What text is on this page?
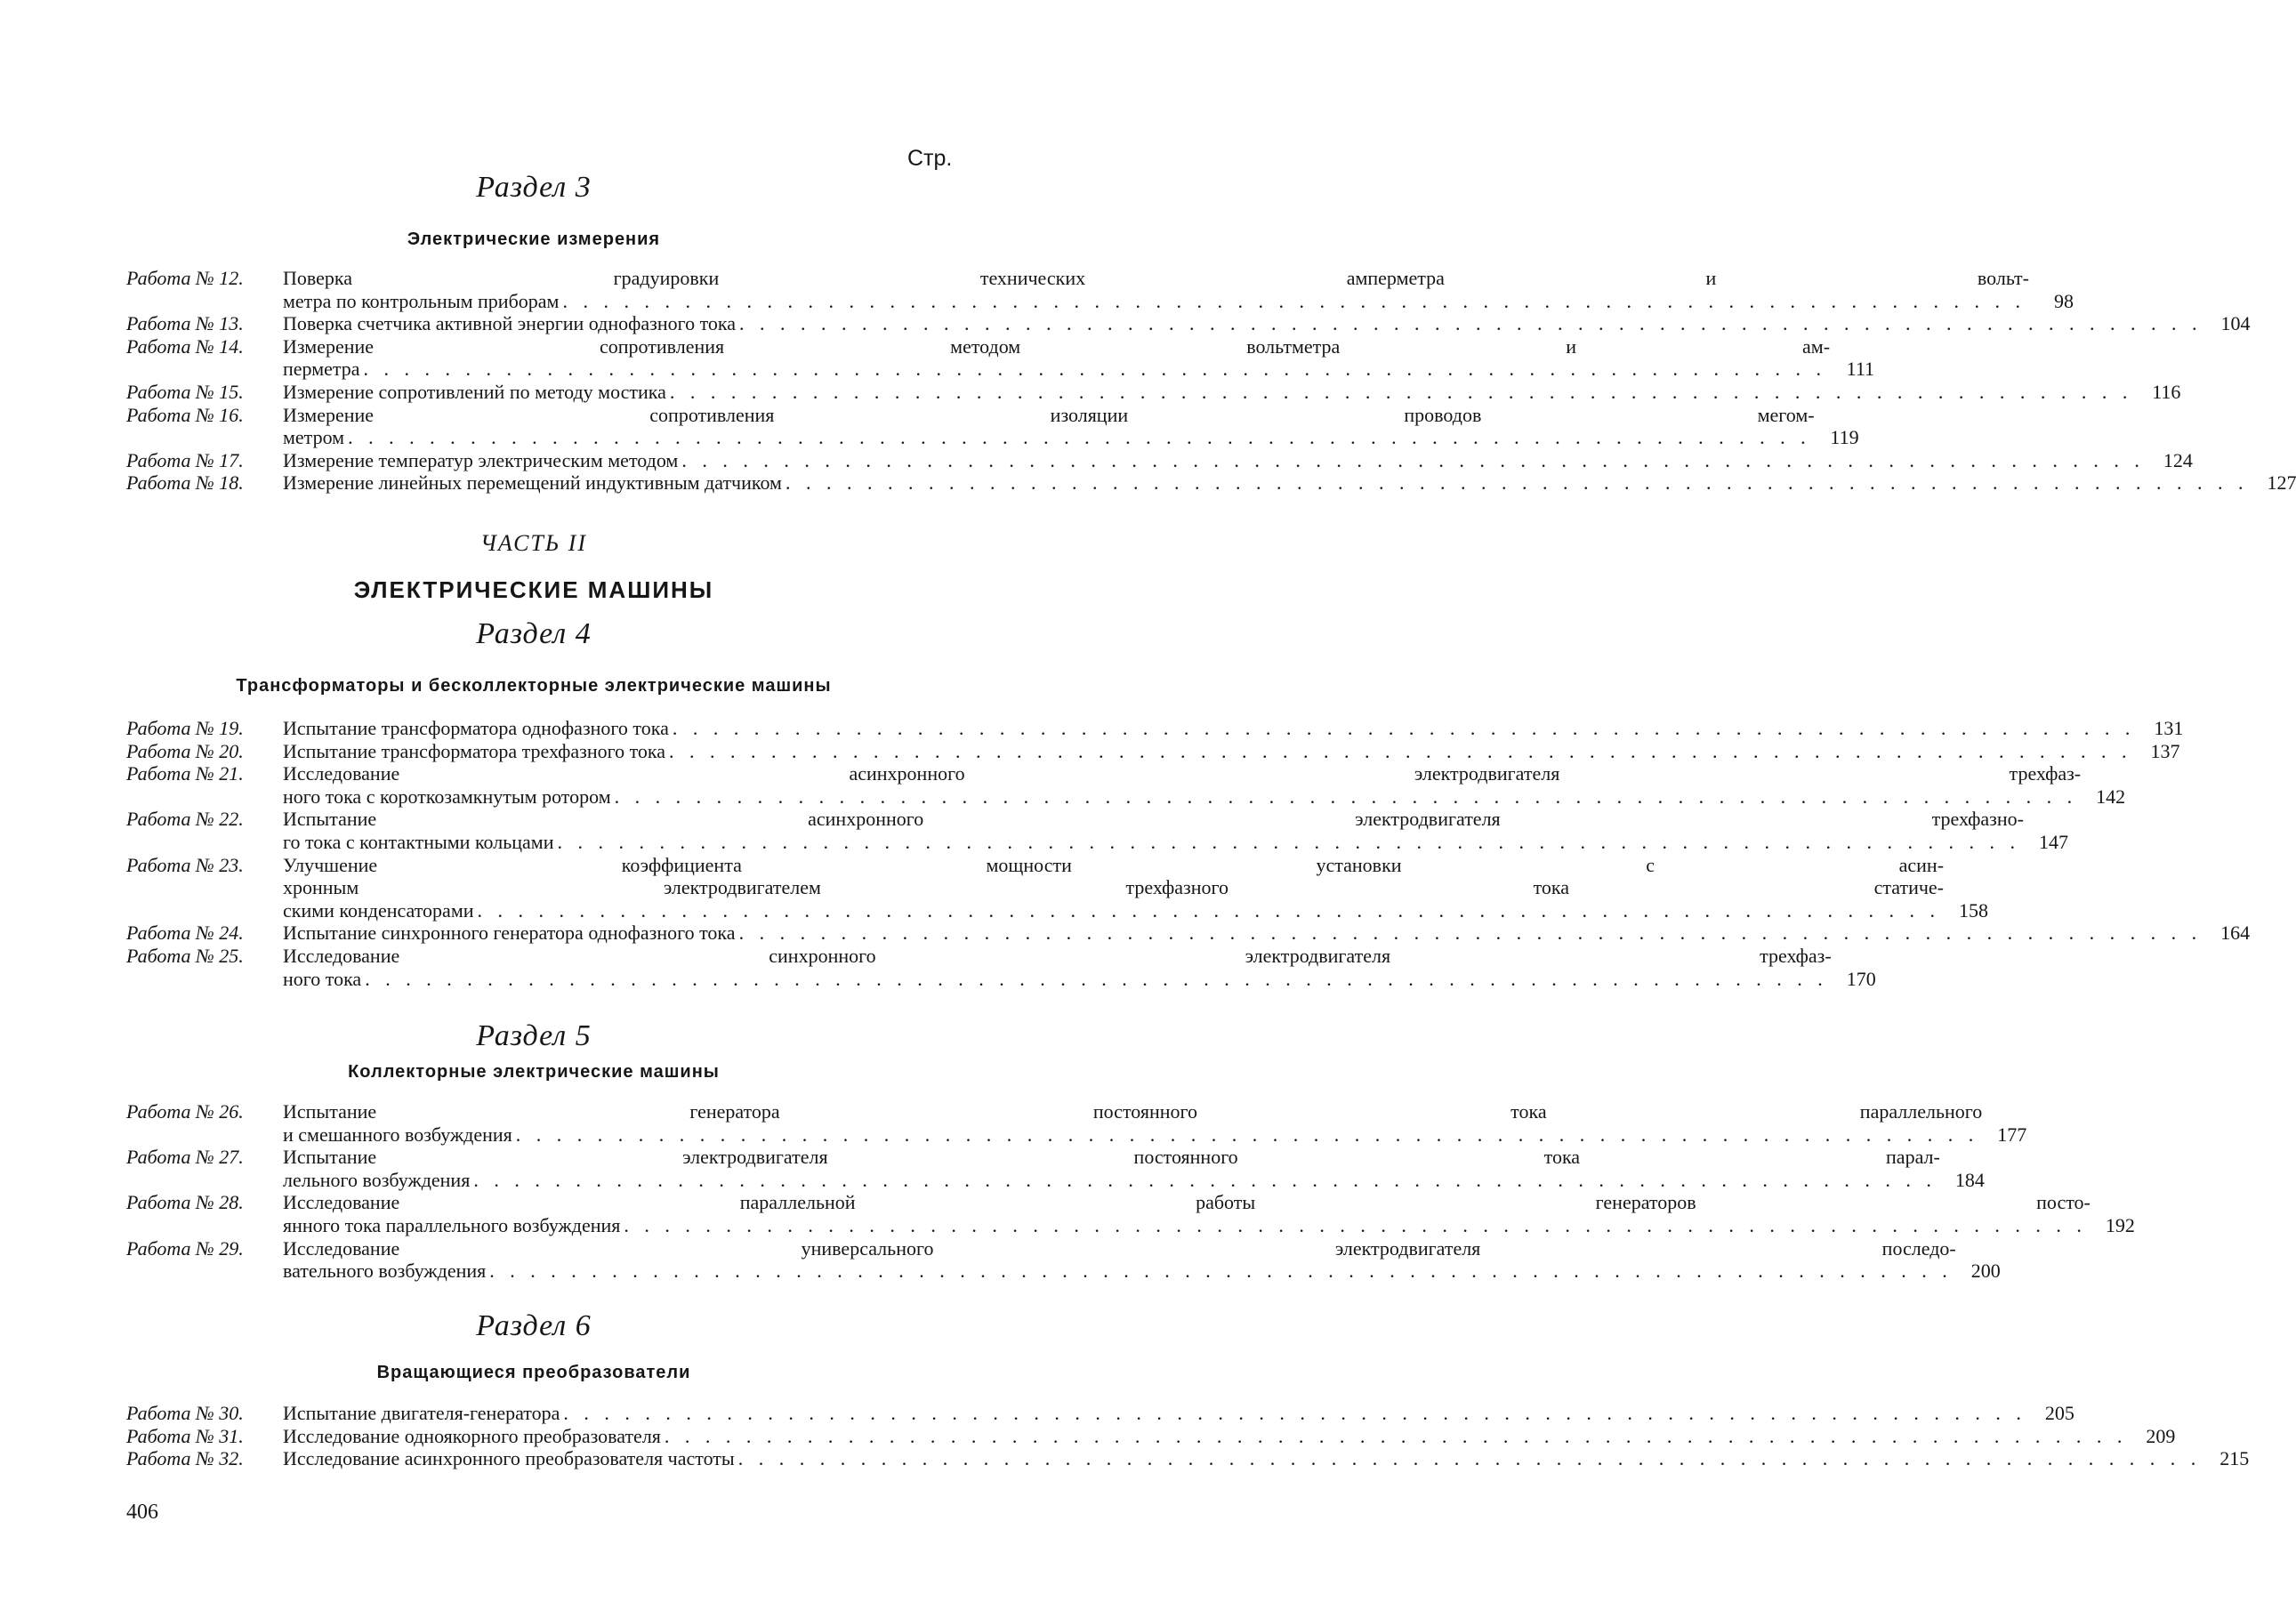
Стр.
Раздел 3
Электрические измерения
Работа № 12.	Поверка градуировки технических амперметра и вольт-
метра по контрольным приборам . . .	98
Работа № 13.	Поверка счетчика активной энергии однофазного тока . . .	104
Работа № 14.	Измерение сопротивления методом вольтметра и ам-
перметра . . .	111
Работа № 15.	Измерение сопротивлений по методу мостика . . .	116
Работа № 16.	Измерение сопротивления изоляции проводов мегом-
метром . . .	119
Работа № 17.	Измерение температур электрическим методом . . .	124
Работа № 18.	Измерение линейных перемещений индуктивным датчиком . . .	127
ЧАСТЬ II
ЭЛЕКТРИЧЕСКИЕ МАШИНЫ
Раздел 4
Трансформаторы и бесколлекторные электрические машины
Работа № 19.	Испытание трансформатора однофазного тока . . .	131
Работа № 20.	Испытание трансформатора трехфазного тока . . .	137
Работа № 21.	Исследование асинхронного электродвигателя трехфаз-
ного тока с короткозамкнутым ротором . . .	142
Работа № 22.	Испытание асинхронного электродвигателя трехфазно-
го тока с контактными кольцами . . .	147
Работа № 23.	Улучшение коэффициента мощности установки с асин-
хронным электродвигателем трехфазного тока статиче-
скими конденсаторами . . .	158
Работа № 24.	Испытание синхронного генератора однофазного тока . . .	164
Работа № 25.	Исследование синхронного электродвигателя трехфаз-
ного тока . . .	170
Раздел 5
Коллекторные электрические машины
Работа № 26.	Испытание генератора постоянного тока параллельного
и смешанного возбуждения . . .	177
Работа № 27.	Испытание электродвигателя постоянного тока парал-
лельного возбуждения . . .	184
Работа № 28.	Исследование параллельной работы генераторов посто-
янного тока параллельного возбуждения . . .	192
Работа № 29.	Исследование универсального электродвигателя последо-
вательного возбуждения . . .	200
Раздел 6
Вращающиеся преобразователи
Работа № 30.	Испытание двигателя-генератора . . .	205
Работа № 31.	Исследование одноякорного преобразователя . . .	209
Работа № 32.	Исследование асинхронного преобразователя частоты . . .	215
406
